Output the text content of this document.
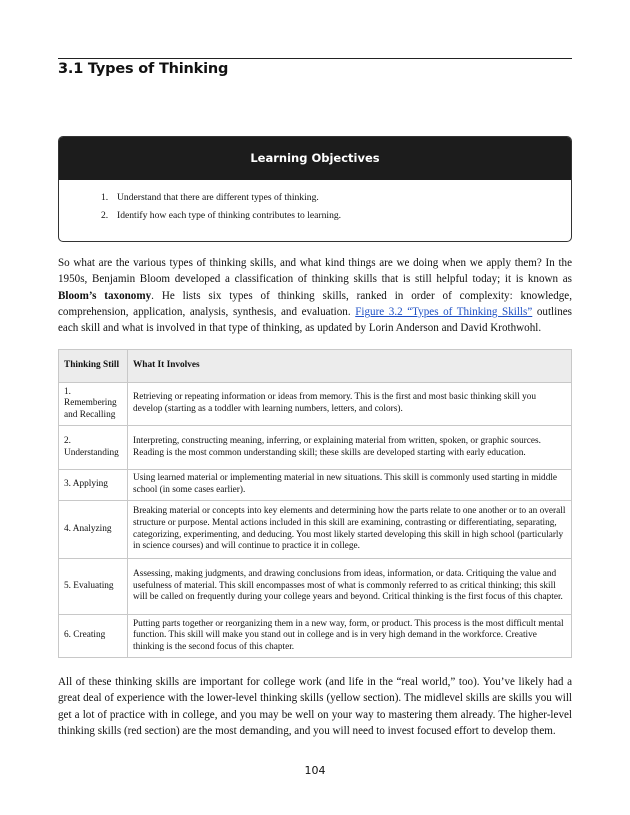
3.1 Types of Thinking
Learning Objectives
1. Understand that there are different types of thinking.
2. Identify how each type of thinking contributes to learning.

So what are the various types of thinking skills, and what kind things are we doing when we apply them? In the 1950s, Benjamin Bloom developed a classification of thinking skills that is still helpful today; it is known as Bloom’s taxonomy. He lists six types of thinking skills, ranked in order of complexity: knowledge, comprehension, application, analysis, synthesis, and evaluation. Figure 3.2 “Types of Thinking Skills” outlines each skill and what is involved in that type of thinking, as updated by Lorin Anderson and David Krothwohl.

Thinking Still	What It Involves
1. Remembering and Recalling	Retrieving or repeating information or ideas from memory. This is the first and most basic thinking skill you develop (starting as a toddler with learning numbers, letters, and colors).
2. Understanding	Interpreting, constructing meaning, inferring, or explaining material from written, spoken, or graphic sources. Reading is the most common understanding skill; these skills are developed starting with early education.
3. Applying	Using learned material or implementing material in new situations. This skill is commonly used starting in middle school (in some cases earlier).
4. Analyzing	Breaking material or concepts into key elements and determining how the parts relate to one another or to an overall structure or purpose. Mental actions included in this skill are examining, contrasting or differentiating, separating, categorizing, experimenting, and deducing. You most likely started developing this skill in high school (particularly in science courses) and will continue to practice it in college.
5. Evaluating	Assessing, making judgments, and drawing conclusions from ideas, information, or data. Critiquing the value and usefulness of material. This skill encompasses most of what is commonly referred to as critical thinking; this skill will be called on frequently during your college years and beyond. Critical thinking is the first focus of this chapter.
6. Creating	Putting parts together or reorganizing them in a new way, form, or product. This process is the most difficult mental function. This skill will make you stand out in college and is in very high demand in the workforce. Creative thinking is the second focus of this chapter.

All of these thinking skills are important for college work (and life in the “real world,” too). You’ve likely had a great deal of experience with the lower-level thinking skills (yellow section). The midlevel skills are skills you will get a lot of practice with in college, and you may be well on your way to mastering them already. The higher-level thinking skills (red section) are the most demanding, and you will need to invest focused effort to develop them.

104
